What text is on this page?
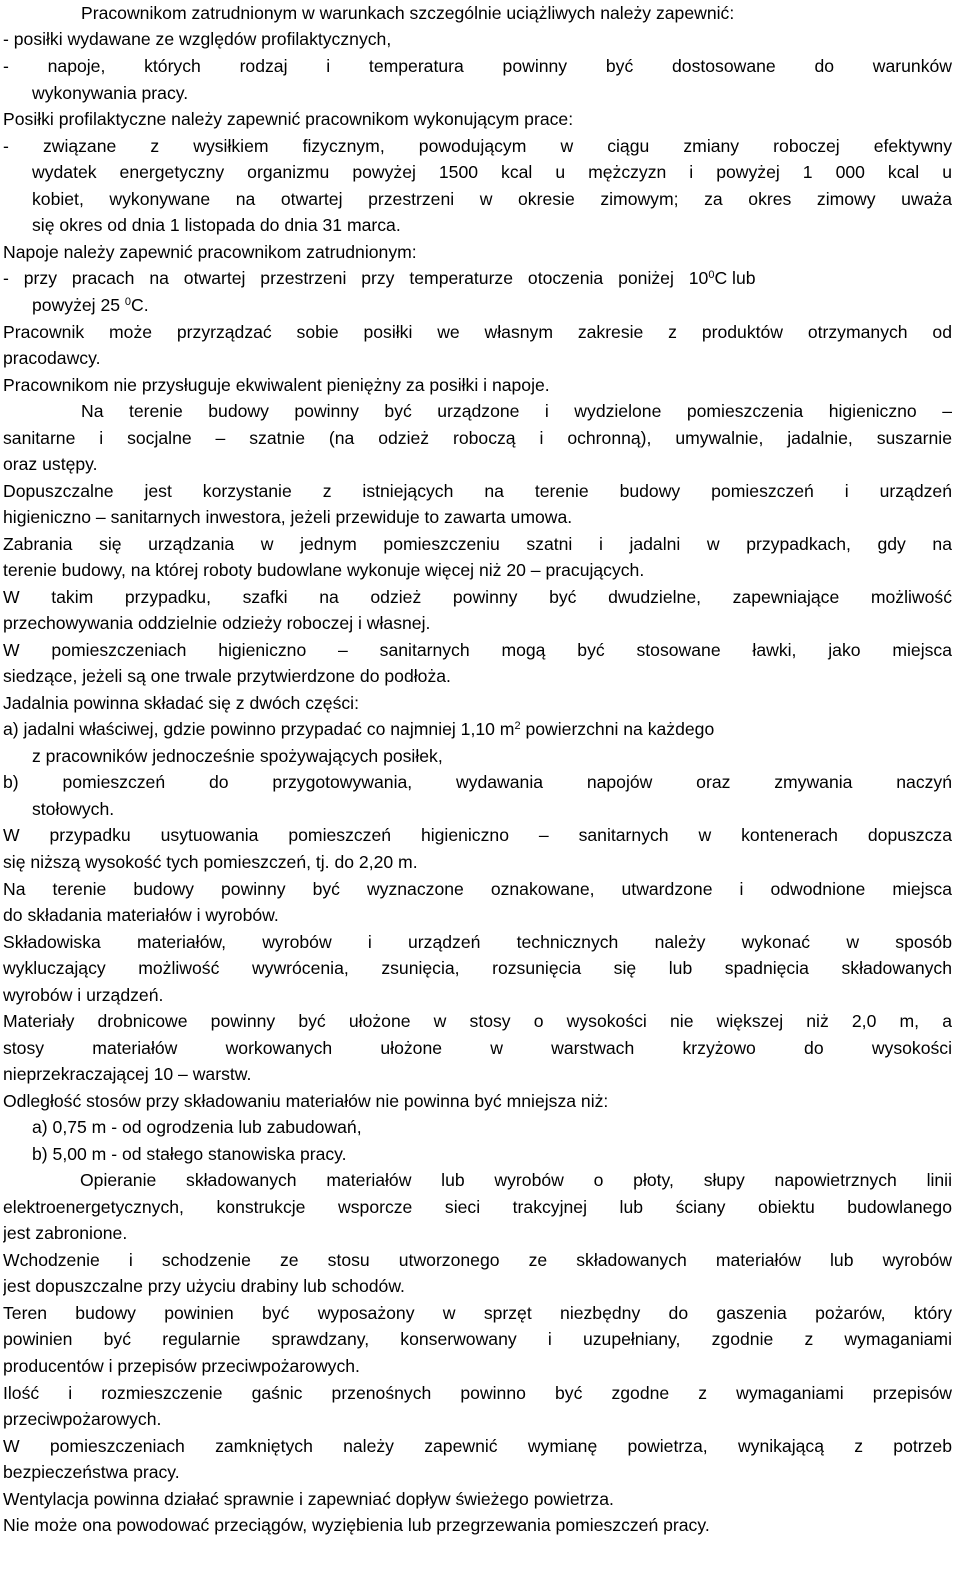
Pracownikom zatrudnionym w warunkach szczególnie uciążliwych należy zapewnić:
- posiłki wydawane ze względów profilaktycznych,
- napoje, których rodzaj i temperatura powinny być dostosowane do warunków
wykonywania pracy.
Posiłki profilaktyczne należy zapewnić pracownikom wykonującym prace:
- związane z wysiłkiem fizycznym, powodującym w ciągu zmiany roboczej efektywny
wydatek energetyczny organizmu powyżej 1500 kcal u mężczyzn i powyżej 1 000 kcal u
kobiet, wykonywane na otwartej przestrzeni w okresie zimowym; za okres zimowy uważa
się okres od dnia 1 listopada do dnia 31 marca.
Napoje należy zapewnić pracownikom zatrudnionym:
- przy pracach na otwartej przestrzeni przy temperaturze otoczenia poniżej $10^0C$ lub
powyżej 25 $^0$C.
Pracownik może przyrządzać sobie posiłki we własnym zakresie z produktów otrzymanych od
pracodawcy.
Pracownikom nie przysługuje ekwiwalent pieniężny za posiłki i napoje.
Na terenie budowy powinny być urządzone i wydzielone pomieszczenia higieniczno –
sanitarne i socjalne – szatnie (na odzież roboczą i ochronną), umywalnie, jadalnie, suszarnie
oraz ustępy.
Dopuszczalne jest korzystanie z istniejących na terenie budowy pomieszczeń i urządzeń
higieniczno – sanitarnych inwestora, jeżeli przewiduje to zawarta umowa.
Zabrania się urządzania w jednym pomieszczeniu szatni i jadalni w przypadkach, gdy na
terenie budowy, na której roboty budowlane wykonuje więcej niż 20 – pracujących.
W takim przypadku, szafki na odzież powinny być dwudzielne, zapewniające możliwość
przechowywania oddzielnie odzieży roboczej i własnej.
W pomieszczeniach higieniczno – sanitarnych mogą być stosowane ławki, jako miejsca
siedzące, jeżeli są one trwale przytwierdzone do podłoża.
Jadalnia powinna składać się z dwóch części:
a) jadalni właściwej, gdzie powinno przypadać co najmniej 1,10 $m^2$ powierzchni na każdego
z pracowników jednocześnie spożywających posiłek,
b) pomieszczeń do przygotowywania, wydawania napojów oraz zmywania naczyń
stołowych.
W przypadku usytuowania pomieszczeń higieniczno – sanitarnych w kontenerach dopuszcza
się niższą wysokość tych pomieszczeń, tj. do 2,20 m.
Na terenie budowy powinny być wyznaczone oznakowane, utwardzone i odwodnione miejsca
do składania materiałów i wyrobów.
Składowiska materiałów, wyrobów i urządzeń technicznych należy wykonać w sposób
wykluczający możliwość wywrócenia, zsunięcia, rozsunięcia się lub spadnięcia składowanych
wyrobów i urządzeń.
Materiały drobnicowe powinny być ułożone w stosy o wysokości nie większej niż 2,0 m, a
stosy materiałów workowanych ułożone w warstwach krzyżowo do wysokości
nieprzekraczającej 10 – warstw.
Odległość stosów przy składowaniu materiałów nie powinna być mniejsza niż:
a) 0,75 m - od ogrodzenia lub zabudowań,
b) 5,00 m - od stałego stanowiska pracy.
Opieranie składowanych materiałów lub wyrobów o płoty, słupy napowietrznych linii
elektroenergetycznych, konstrukcje wsporcze sieci trakcyjnej lub ściany obiektu budowlanego
jest zabronione.
Wchodzenie i schodzenie ze stosu utworzonego ze składowanych materiałów lub wyrobów
jest dopuszczalne przy użyciu drabiny lub schodów.
Teren budowy powinien być wyposażony w sprzęt niezbędny do gaszenia pożarów, który
powinien być regularnie sprawdzany, konserwowany i uzupełniany, zgodnie z wymaganiami
producentów i przepisów przeciwpożarowych.
Ilość i rozmieszczenie gaśnic przenośnych powinno być zgodne z wymaganiami przepisów
przeciwpożarowych.
W pomieszczeniach zamkniętych należy zapewnić wymianę powietrza, wynikającą z potrzeb
bezpieczeństwa pracy.
Wentylacja powinna działać sprawnie i zapewniać dopływ świeżego powietrza.
Nie może ona powodować przeciągów, wyziębienia lub przegrzewania pomieszczeń pracy.
